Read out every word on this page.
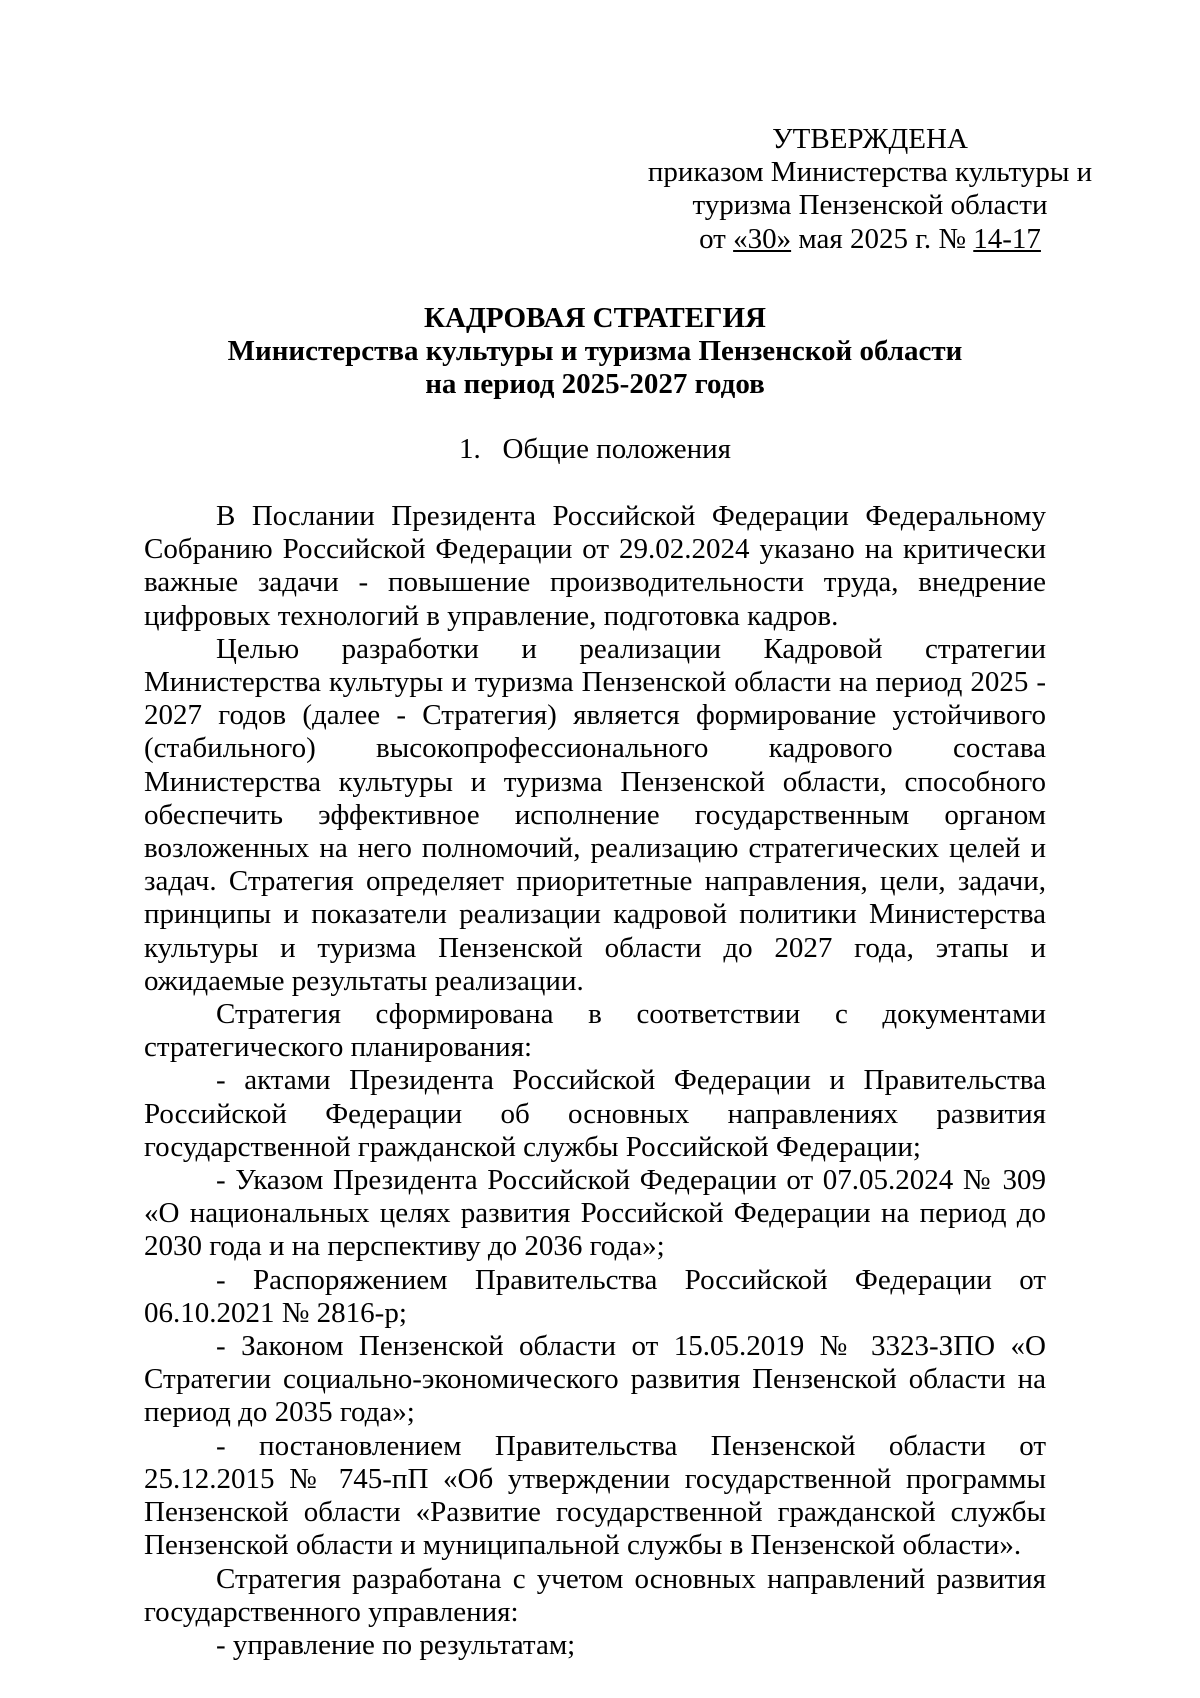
УТВЕРЖДЕНА
приказом Министерства культуры и
туризма Пензенской области
от «30» мая 2025 г. № 14-17
КАДРОВАЯ СТРАТЕГИЯ
Министерства культуры и туризма Пензенской области
на период 2025-2027 годов
1.   Общие положения

В Послании Президента Российской Федерации Федеральному Собранию Российской Федерации от 29.02.2024 указано на критически важные задачи - повышение производительности труда, внедрение цифровых технологий в управление, подготовка кадров.

Целью разработки и реализации Кадровой стратегии Министерства культуры и туризма Пензенской области на период 2025 - 2027 годов (далее - Стратегия) является формирование устойчивого (стабильного) высокопрофессионального кадрового состава Министерства культуры и туризма Пензенской области, способного обеспечить эффективное исполнение государственным органом возложенных на него полномочий, реализацию стратегических целей и задач. Стратегия определяет приоритетные направления, цели, задачи, принципы и показатели реализации кадровой политики Министерства культуры и туризма Пензенской области до 2027 года, этапы и ожидаемые результаты реализации.

Стратегия сформирована в соответствии с документами стратегического планирования:

- актами Президента Российской Федерации и Правительства Российской Федерации об основных направлениях развития государственной гражданской службы Российской Федерации;

- Указом Президента Российской Федерации от 07.05.2024 № 309 «О национальных целях развития Российской Федерации на период до 2030 года и на перспективу до 2036 года»;

- Распоряжением Правительства Российской Федерации от 06.10.2021 № 2816-р;

- Законом Пензенской области от 15.05.2019 № 3323-ЗПО «О Стратегии социально-экономического развития Пензенской области на период до 2035 года»;

- постановлением Правительства Пензенской области от 25.12.2015 № 745-пП «Об утверждении государственной программы Пензенской области «Развитие государственной гражданской службы Пензенской области и муниципальной службы в Пензенской области».

Стратегия разработана с учетом основных направлений развития государственного управления:

- управление по результатам;
